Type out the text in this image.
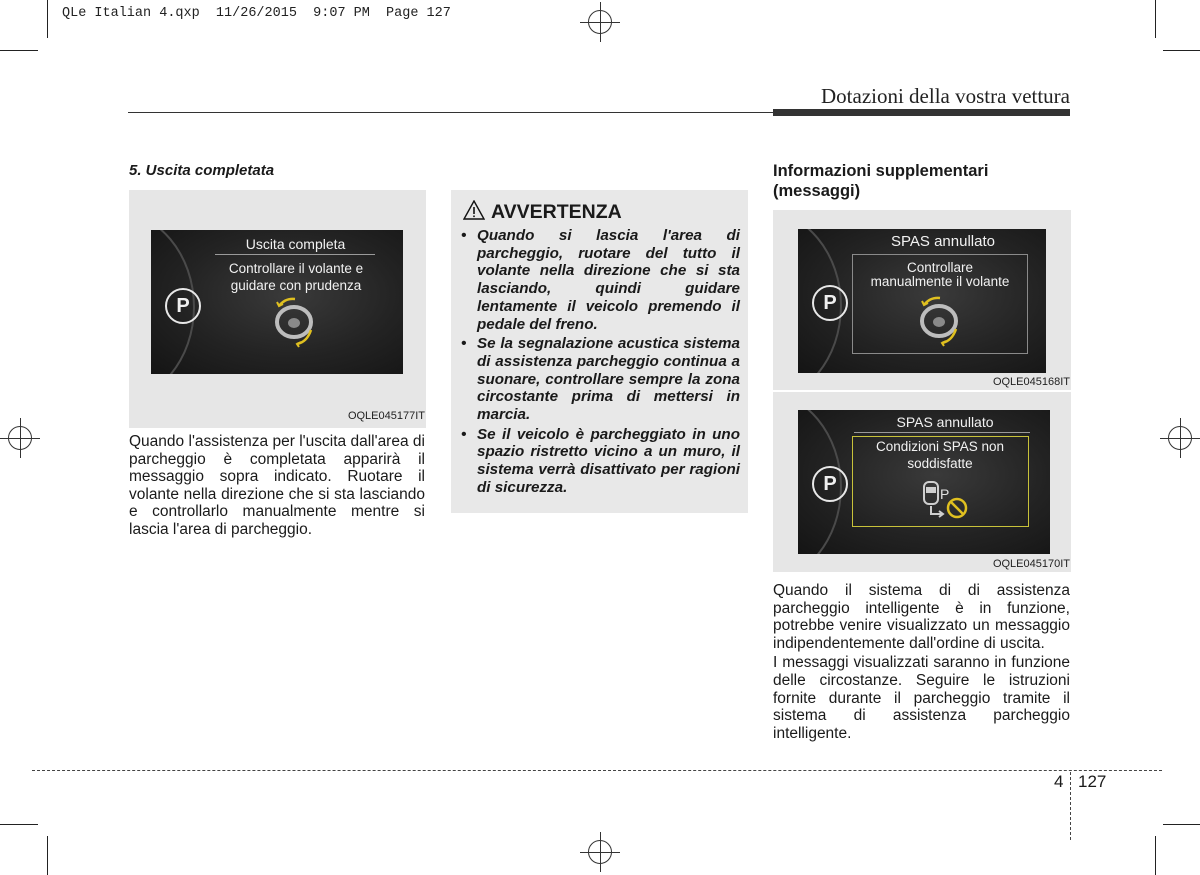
QLe Italian 4.qxp  11/26/2015  9:07 PM  Page 127
Dotazioni della vostra vettura
5. Uscita completata
P
Uscita completa
Controllare il volante e
guidare con prudenza
OQLE045177IT

Quando l'assistenza per l'uscita dall'area di parcheggio è completata apparirà il messaggio sopra indicato. Ruotare il volante nella direzione che si sta lasciando e controllarlo manualmente mentre si lascia l'area di parcheggio.

AVVERTENZA

• Quando si lascia l'area di parcheggio, ruotare del tutto il volante nella direzione che si sta lasciando, quindi guidare lentamente il veicolo premendo il pedale del freno.

• Se la segnalazione acustica sistema di assistenza parcheggio continua a suonare, controllare sempre la zona circostante prima di mettersi in marcia.

• Se il veicolo è parcheggiato in uno spazio ristretto vicino a un muro, il sistema verrà disattivato per ragioni di sicurezza.

Informazioni supplementari
(messaggi)
P
SPAS annullato
Controllare
manualmente il volante
OQLE045168IT
P
SPAS annullato
Condizioni SPAS non
soddisfatte
P
OQLE045170IT

Quando il sistema di di assistenza parcheggio intelligente è in funzione, potrebbe venire visualizzato un messaggio indipendentemente dall'ordine di uscita.

I messaggi visualizzati saranno in funzione delle circostanze. Seguire le istruzioni fornite durante il parcheggio tramite il sistema di assistenza parcheggio intelligente.

4 127
